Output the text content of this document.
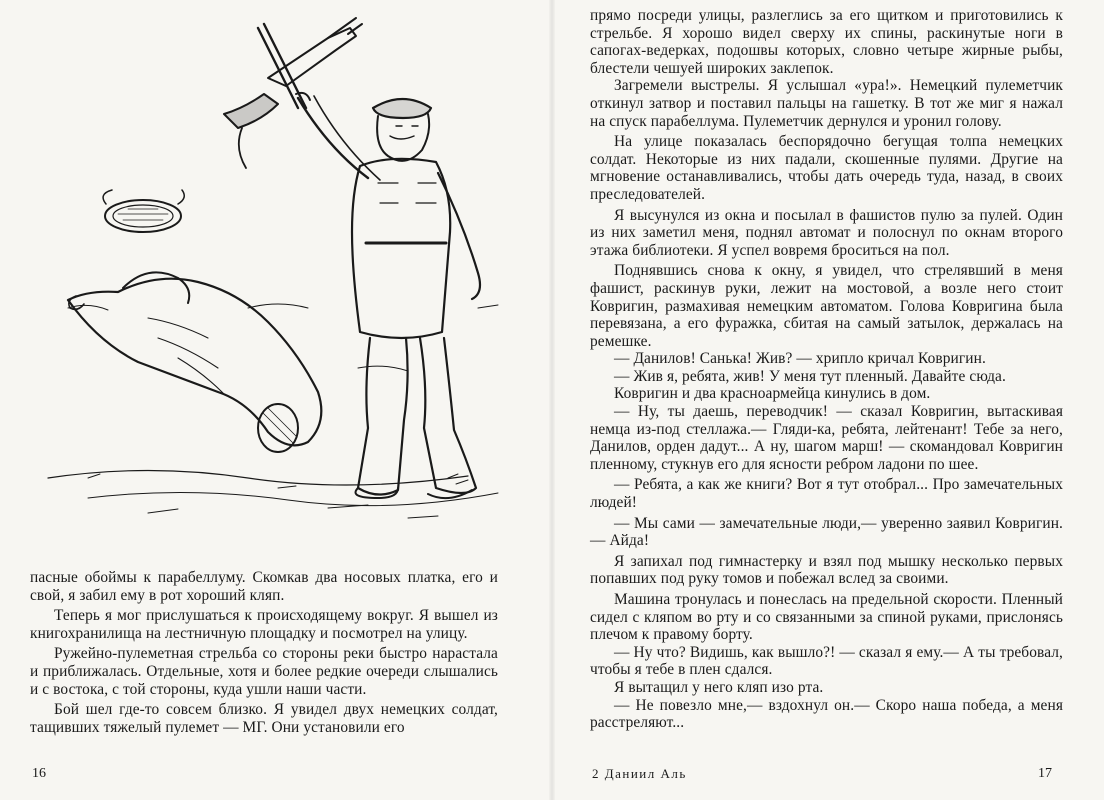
пасные обоймы к парабеллуму. Скомкав два носовых платка, его и свой, я забил ему в рот хороший кляп.

Теперь я мог прислушаться к происходящему вокруг. Я вышел из книгохранилища на лестничную площадку и посмотрел на улицу.

Ружейно-пулеметная стрельба со стороны реки быстро нарастала и приближалась. Отдельные, хотя и более редкие очереди слышались и с востока, с той стороны, куда ушли наши части.

Бой шел где-то совсем близко. Я увидел двух немецких солдат, тащивших тяжелый пулемет — МГ. Они установили его

16

прямо посреди улицы, разлеглись за его щитком и приготовились к стрельбе. Я хорошо видел сверху их спины, раскинутые ноги в сапогах-ведерках, подошвы которых, словно четыре жирные рыбы, блестели чешуей широких заклепок.

Загремели выстрелы. Я услышал «ура!». Немецкий пулеметчик откинул затвор и поставил пальцы на гашетку. В тот же миг я нажал на спуск парабеллума. Пулеметчик дернулся и уронил голову.

На улице показалась беспорядочно бегущая толпа немецких солдат. Некоторые из них падали, скошенные пулями. Другие на мгновение останавливались, чтобы дать очередь туда, назад, в своих преследователей.

Я высунулся из окна и посылал в фашистов пулю за пулей. Один из них заметил меня, поднял автомат и полоснул по окнам второго этажа библиотеки. Я успел вовремя броситься на пол.

Поднявшись снова к окну, я увидел, что стрелявший в меня фашист, раскинув руки, лежит на мостовой, а возле него стоит Ковригин, размахивая немецким автоматом. Голова Ковригина была перевязана, а его фуражка, сбитая на самый затылок, держалась на ремешке.

— Данилов! Санька! Жив? — хрипло кричал Ковригин.

— Жив я, ребята, жив! У меня тут пленный. Давайте сюда.

Ковригин и два красноармейца кинулись в дом.

— Ну, ты даешь, переводчик! — сказал Ковригин, вытаскивая немца из-под стеллажа.— Гляди-ка, ребята, лейтенант! Тебе за него, Данилов, орден дадут... А ну, шагом марш! — скомандовал Ковригин пленному, стукнув его для ясности ребром ладони по шее.

— Ребята, а как же книги? Вот я тут отобрал... Про замечательных людей!

— Мы сами — замечательные люди,— уверенно заявил Ковригин.— Айда!

Я запихал под гимнастерку и взял под мышку несколько первых попавших под руку томов и побежал вслед за своими.

Машина тронулась и понеслась на предельной скорости. Пленный сидел с кляпом во рту и со связанными за спиной руками, прислонясь плечом к правому борту.

— Ну что? Видишь, как вышло?! — сказал я ему.— А ты требовал, чтобы я тебе в плен сдался.

Я вытащил у него кляп изо рта.

— Не повезло мне,— вздохнул он.— Скоро наша победа, а меня расстреляют...

2 Даниил Аль	17
